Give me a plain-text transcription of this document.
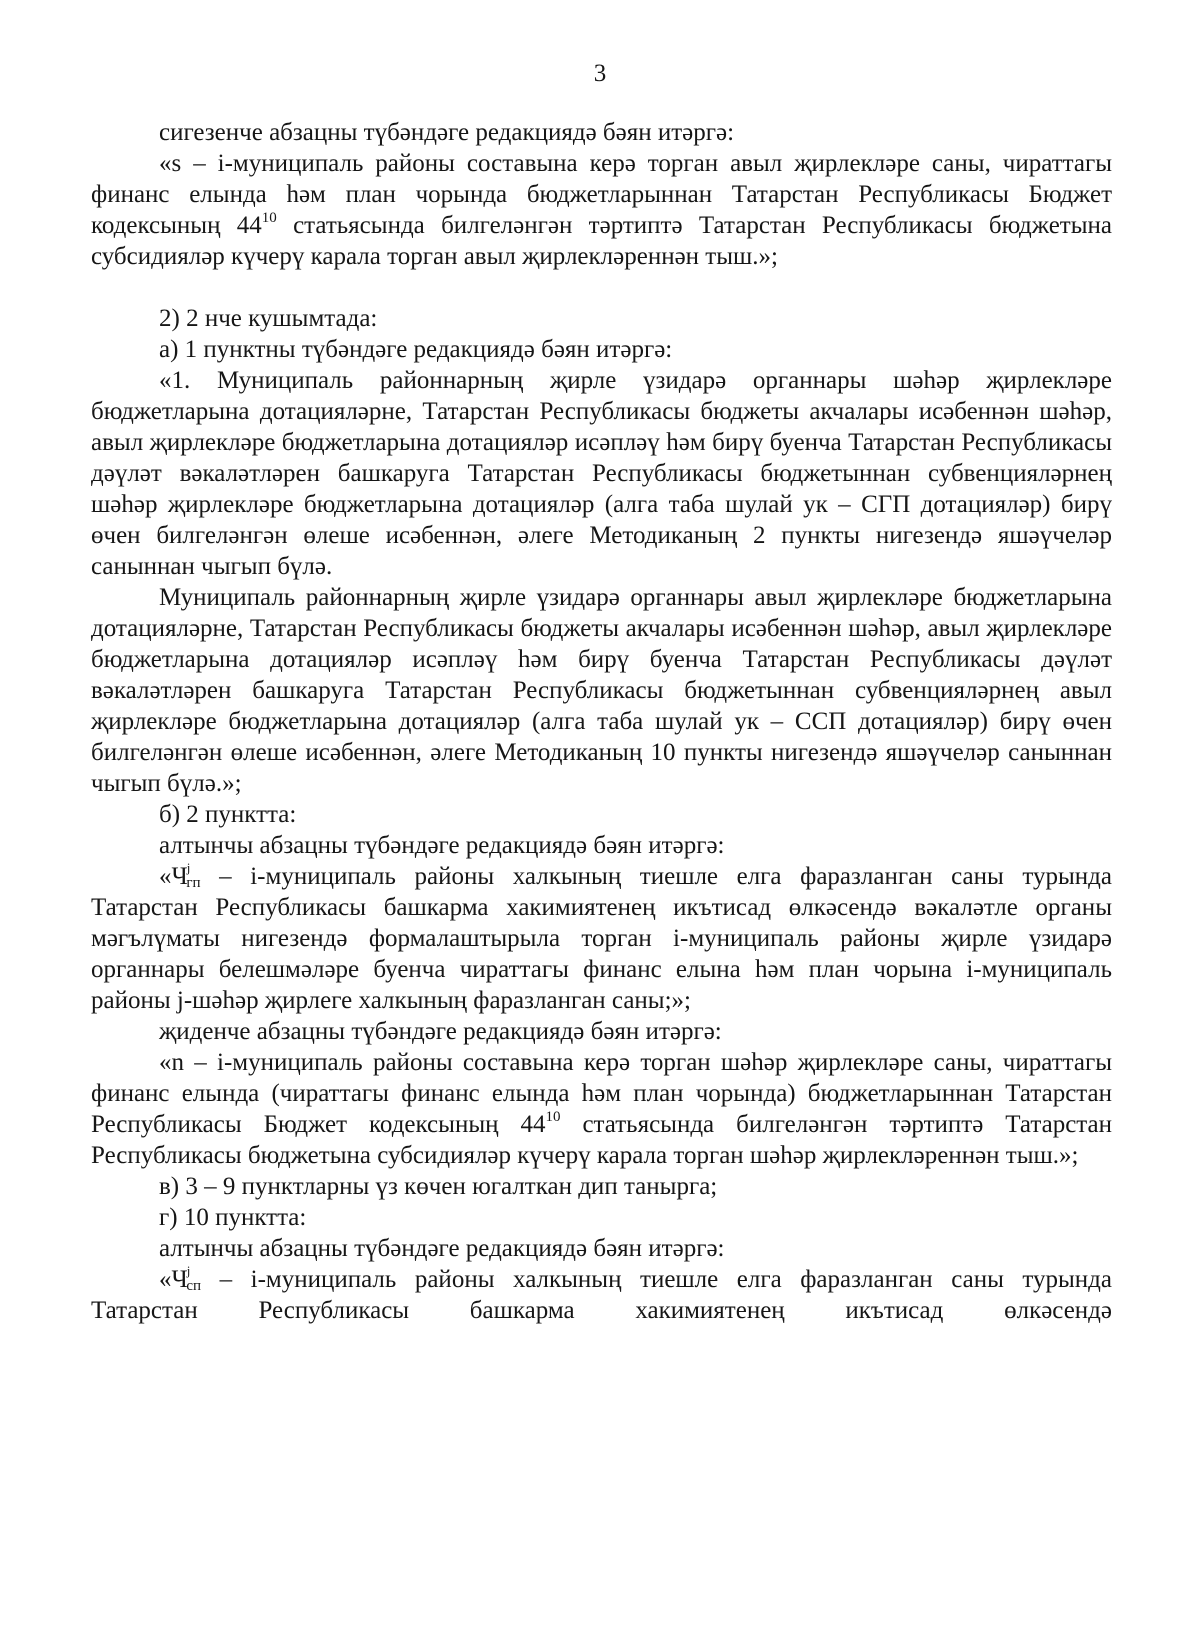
3

сигезенче абзацны түбәндәге редакциядә бәян итәргә:

«s – i-муниципаль районы составына керә торган авыл җирлекләре саны, чираттагы финанс елында һәм план чорында бюджетларыннан Татарстан Республикасы Бюджет кодексының $44^{10}$ статьясында билгеләнгән тәртиптә Татарстан Республикасы бюджетына субсидияләр күчерү карала торган авыл җирлекләреннән тыш.»;

2) 2 нче кушымтада:

а) 1 пунктны түбәндәге редакциядә бәян итәргә:

«1. Муниципаль районнарның җирле үзидарә органнары шәһәр җирлекләре бюджетларына дотацияләрне, Татарстан Республикасы бюджеты акчалары исәбеннән шәһәр, авыл җирлекләре бюджетларына дотацияләр исәпләү һәм бирү буенча Татарстан Республикасы дәүләт вәкаләтләрен башкаруга Татарстан Республикасы бюджетыннан субвенцияләрнең шәһәр җирлекләре бюджетларына дотацияләр (алга таба шулай ук – СГП дотацияләр) бирү өчен билгеләнгән өлеше исәбеннән, әлеге Методиканың 2 пункты нигезендә яшәүчеләр саныннан чыгып бүлә.

Муниципаль районнарның җирле үзидарә органнары авыл җирлекләре бюджетларына дотацияләрне, Татарстан Республикасы бюджеты акчалары исәбеннән шәһәр, авыл җирлекләре бюджетларына дотацияләр исәпләү һәм бирү буенча Татарстан Республикасы дәүләт вәкаләтләрен башкаруга Татарстан Республикасы бюджетыннан субвенцияләрнең авыл җирлекләре бюджетларына дотацияләр (алга таба шулай ук – ССП дотацияләр) бирү өчен билгеләнгән өлеше исәбеннән, әлеге Методиканың 10 пункты нигезендә яшәүчеләр саныннан чыгып бүлә.»;

б) 2 пунктта:

алтынчы абзацны түбәндәге редакциядә бәян итәргә:

«$Ч^j_{гп}$ – i-муниципаль районы халкының тиешле елга фаразланган саны турында Татарстан Республикасы башкарма хакимиятенең икътисад өлкәсендә вәкаләтле органы мәгълүматы нигезендә формалаштырыла торган i-муниципаль районы җирле үзидарә органнары белешмәләре буенча чираттагы финанс елына һәм план чорына i-муниципаль районы j-шәһәр җирлеге халкының фаразланган саны;»;

җиденче абзацны түбәндәге редакциядә бәян итәргә:

«n – i-муниципаль районы составына керә торган шәһәр җирлекләре саны, чираттагы финанс елында (чираттагы финанс елында һәм план чорында) бюджетларыннан Татарстан Республикасы Бюджет кодексының $44^{10}$ статьясында билгеләнгән тәртиптә Татарстан Республикасы бюджетына субсидияләр күчерү карала торган шәһәр җирлекләреннән тыш.»;

в) 3 – 9 пунктларны үз көчен югалткан дип танырга;

г) 10 пунктта:

алтынчы абзацны түбәндәге редакциядә бәян итәргә:

«$Ч^j_{сп}$ – i-муниципаль районы халкының тиешле елга фаразланган саны турында Татарстан Республикасы башкарма хакимиятенең икътисад өлкәсендә
